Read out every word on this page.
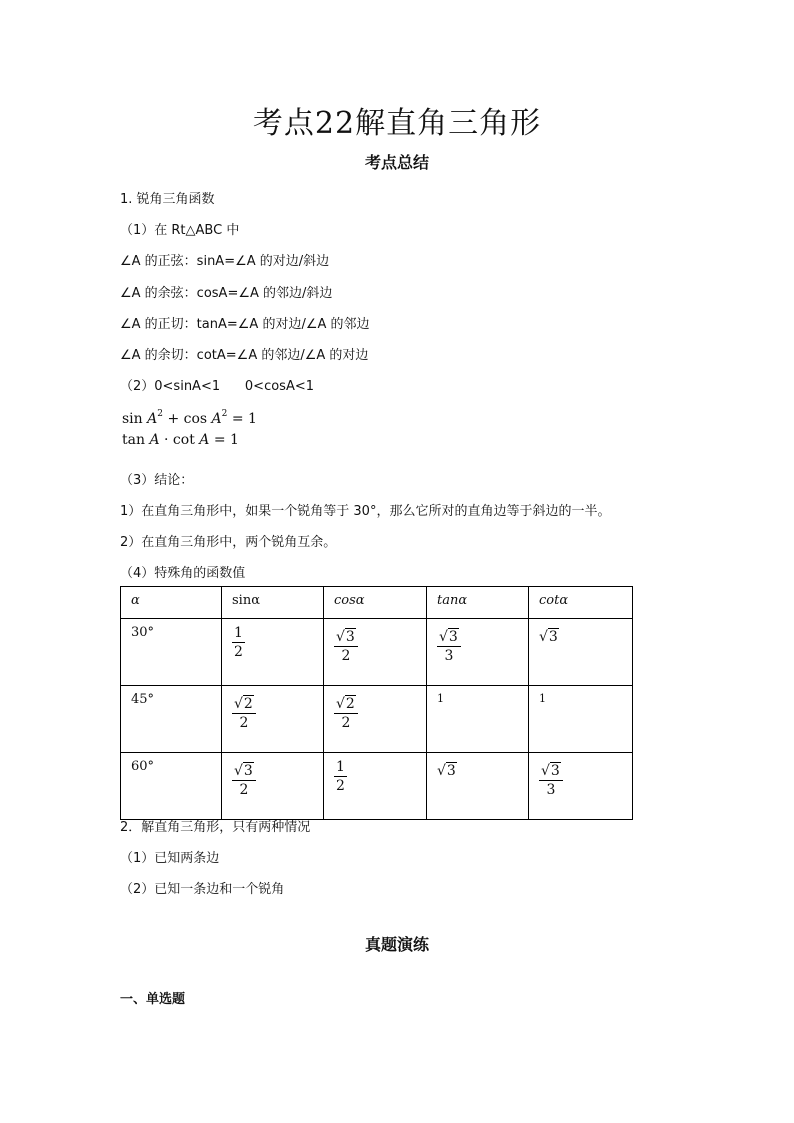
考点22解直角三角形
考点总结
1. 锐角三角函数
（1）在 Rt△ABC 中
∠A 的正弦：sinA=∠A 的对边/斜边
∠A 的余弦：cosA=∠A 的邻边/斜边
∠A 的正切：tanA=∠A 的对边/∠A 的邻边
∠A 的余切：cotA=∠A 的邻边/∠A 的对边
（2）0<sinA<1      0<cosA<1
$\sin A^2 + \cos A^2 = 1$
tan A · cot A = 1
（3）结论：
1）在直角三角形中，如果一个锐角等于 30°，那么它所对的直角边等于斜边的一半。
2）在直角三角形中，两个锐角互余。
（4）特殊角的函数值
α	sinα	cosα	tanα	cotα
30°	$\frac{1}{2}$	$\frac{√3}{2}$	$\frac{√3}{3}$	√3
45°	$\frac{√2}{2}$	$\frac{√2}{2}$	1	1
60°	$\frac{√3}{2}$	$\frac{1}{2}$	√3	$\frac{√3}{3}$
2．解直角三角形，只有两种情况
（1）已知两条边
（2）已知一条边和一个锐角
真题演练
一、单选题
